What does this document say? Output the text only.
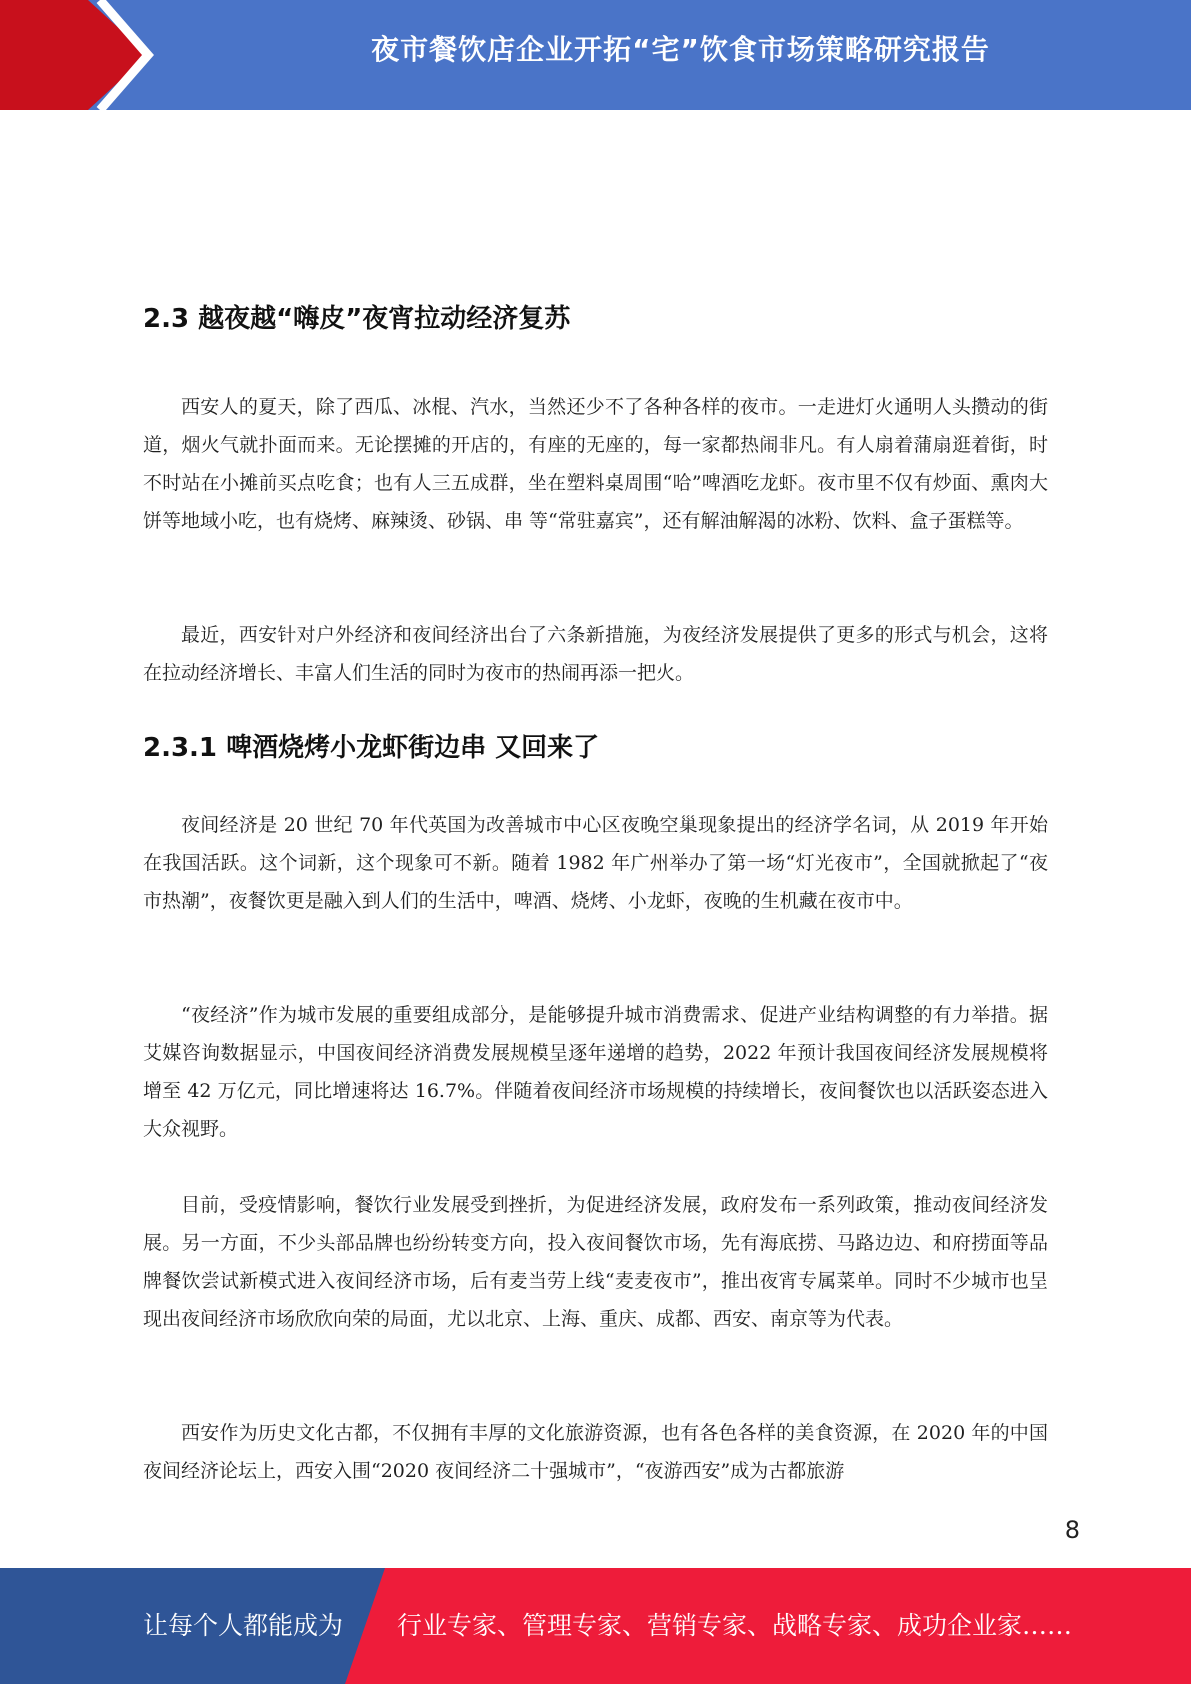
夜市餐饮店企业开拓“宅”饮食市场策略研究报告
2.3 越夜越“嗨皮”夜宵拉动经济复苏

西安人的夏天，除了西瓜、冰棍、汽水，当然还少不了各种各样的夜市。一走进灯火通明人头攒动的街道，烟火气就扑面而来。无论摆摊的开店的，有座的无座的，每一家都热闹非凡。有人扇着蒲扇逛着街，时不时站在小摊前买点吃食；也有人三五成群，坐在塑料桌周围“哈”啤酒吃龙虾。夜市里不仅有炒面、熏肉大饼等地域小吃，也有烧烤、麻辣烫、砂锅、串 等“常驻嘉宾”，还有解油解渴的冰粉、饮料、盒子蛋糕等。

最近，西安针对户外经济和夜间经济出台了六条新措施，为夜经济发展提供了更多的形式与机会，这将在拉动经济增长、丰富人们生活的同时为夜市的热闹再添一把火。

2.3.1 啤酒烧烤小龙虾街边串 又回来了

夜间经济是 20 世纪 70 年代英国为改善城市中心区夜晚空巢现象提出的经济学名词，从 2019 年开始在我国活跃。这个词新，这个现象可不新。随着 1982 年广州举办了第一场“灯光夜市”，全国就掀起了“夜市热潮”，夜餐饮更是融入到人们的生活中，啤酒、烧烤、小龙虾，夜晚的生机藏在夜市中。

“夜经济”作为城市发展的重要组成部分，是能够提升城市消费需求、促进产业结构调整的有力举措。据艾媒咨询数据显示，中国夜间经济消费发展规模呈逐年递增的趋势，2022 年预计我国夜间经济发展规模将增至 42 万亿元，同比增速将达 16.7%。伴随着夜间经济市场规模的持续增长，夜间餐饮也以活跃姿态进入大众视野。

目前，受疫情影响，餐饮行业发展受到挫折，为促进经济发展，政府发布一系列政策，推动夜间经济发展。另一方面，不少头部品牌也纷纷转变方向，投入夜间餐饮市场，先有海底捞、马路边边、和府捞面等品牌餐饮尝试新模式进入夜间经济市场，后有麦当劳上线“麦麦夜市”，推出夜宵专属菜单。同时不少城市也呈现出夜间经济市场欣欣向荣的局面，尤以北京、上海、重庆、成都、西安、南京等为代表。

西安作为历史文化古都，不仅拥有丰厚的文化旅游资源，也有各色各样的美食资源，在 2020 年的中国夜间经济论坛上，西安入围“2020 夜间经济二十强城市”，“夜游西安”成为古都旅游

8
让每个人都能成为 行业专家、管理专家、营销专家、战略专家、成功企业家……
